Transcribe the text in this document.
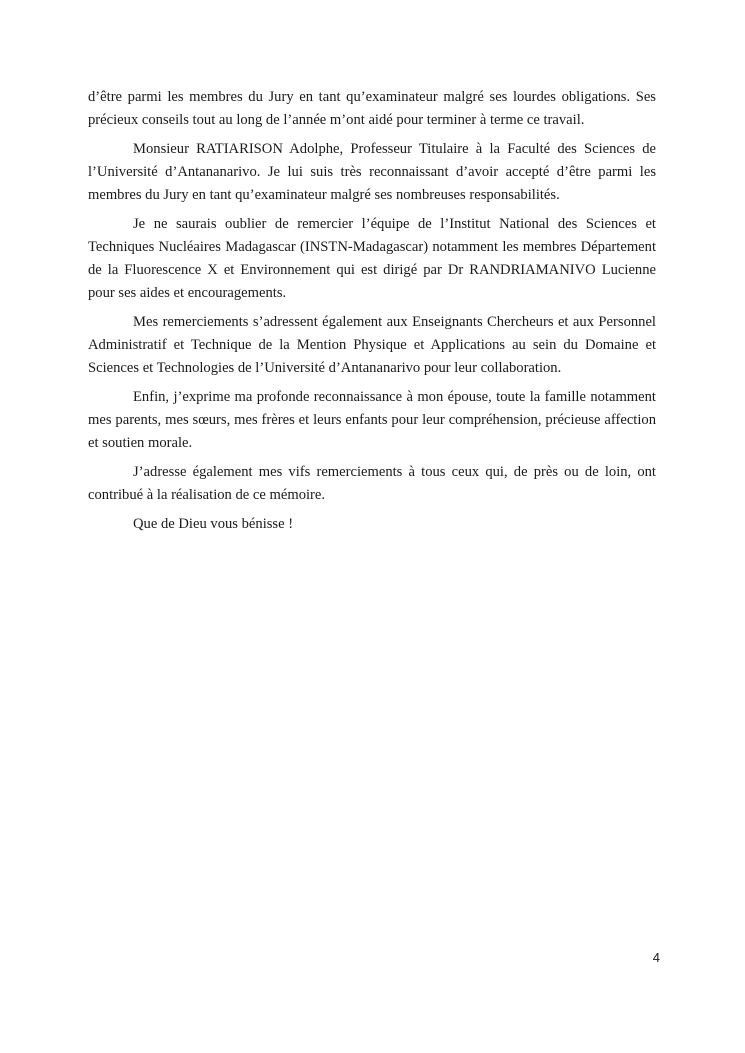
d’être parmi les membres du Jury en tant qu’examinateur malgré ses lourdes obligations. Ses précieux conseils tout au long de l’année m’ont aidé pour terminer à terme ce travail.

Monsieur RATIARISON Adolphe, Professeur Titulaire à la Faculté des Sciences de l’Université d’Antananarivo. Je lui suis très reconnaissant d’avoir accepté d’être parmi les membres du Jury en tant qu’examinateur malgré ses nombreuses responsabilités.

Je ne saurais oublier de remercier l’équipe de l’Institut National des Sciences et Techniques Nucléaires Madagascar (INSTN-Madagascar) notamment les membres Département de la Fluorescence X et Environnement qui est dirigé par Dr RANDRIAMANIVO Lucienne pour ses aides et encouragements.

Mes remerciements s’adressent également aux Enseignants Chercheurs et aux Personnel Administratif et Technique de la Mention Physique et Applications au sein du Domaine et Sciences et Technologies de l’Université d’Antananarivo pour leur collaboration.

Enfin, j’exprime ma profonde reconnaissance à mon épouse, toute la famille notamment mes parents, mes sœurs, mes frères et leurs enfants pour leur compréhension, précieuse affection et soutien morale.

J’adresse également mes vifs remerciements à tous ceux qui, de près ou de loin, ont contribué à la réalisation de ce mémoire.

Que de Dieu vous bénisse !

4
